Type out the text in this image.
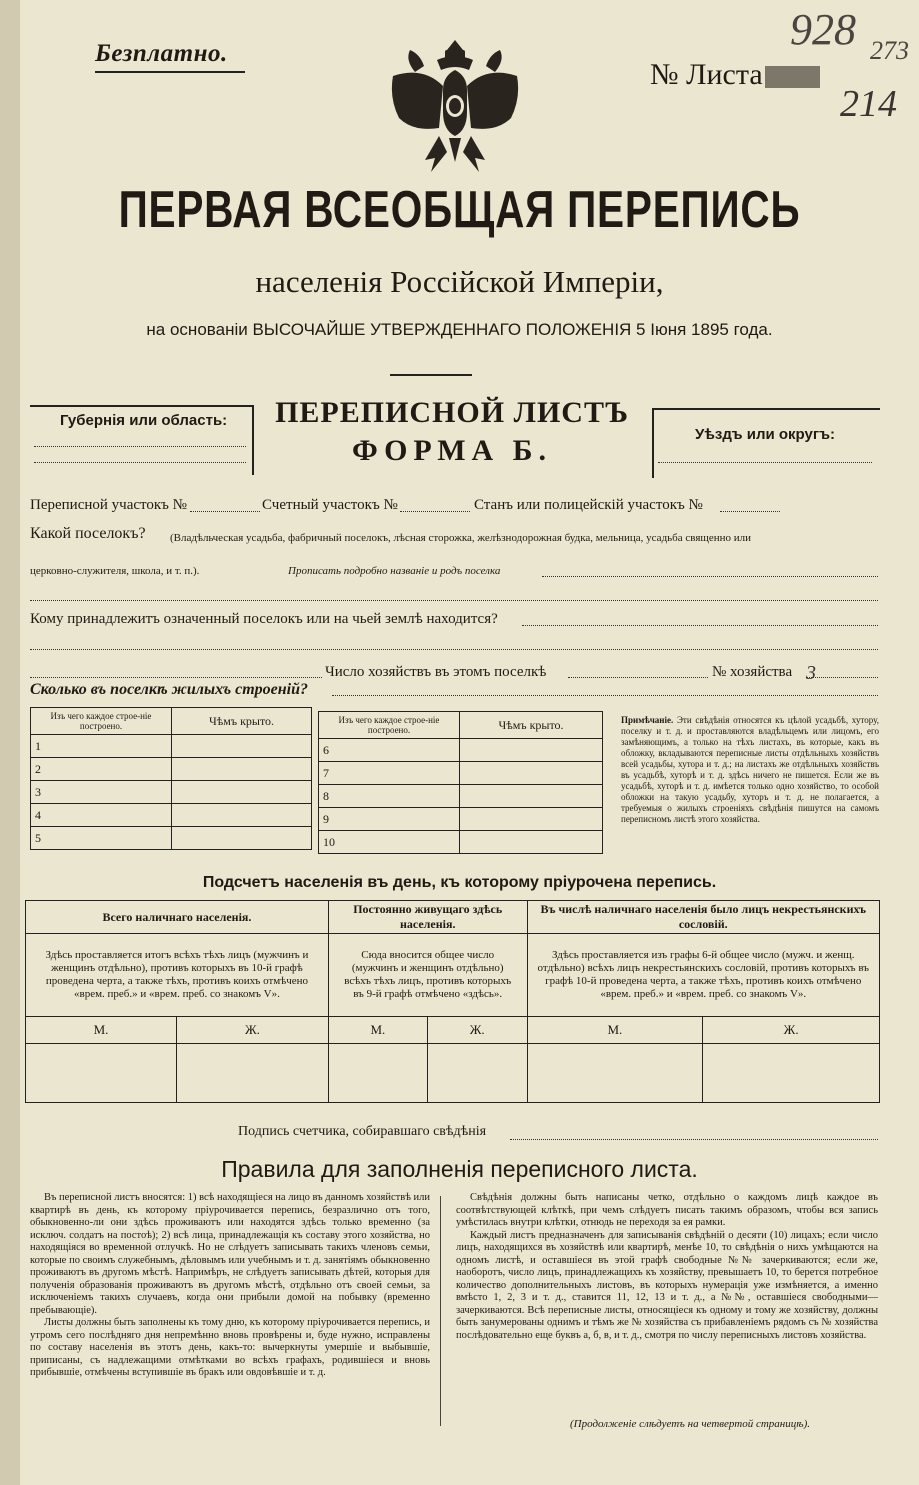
Безплатно.
№ Листа
928 273
214
ПЕРВАЯ ВСЕОБЩАЯ ПЕРЕПИСЬ
населенія Россійской Имперіи,
на основаніи ВЫСОЧАЙШЕ УТВЕРЖДЕННАГО ПОЛОЖЕНІЯ 5 Іюня 1895 года.
Губернія или область:	ПЕРЕПИСНОЙ ЛИСТЪ
ФОРМА Б.	Уѣздъ или округъ:
Переписной участокъ №	Счетный участокъ №	Станъ или полицейскій участокъ №
Какой поселокъ? (Владѣльческая усадьба, фабричный поселокъ, лѣсная сторожка, желѣзнодорожная будка, мельница, усадьба священно или
церковно-служителя, школа, и т. п.).	Прописать подробно названіе и родъ поселка
Кому принадлежитъ означенный поселокъ или на чьей землѣ находится?
Число хозяйствъ въ этомъ поселкѣ	№ хозяйства 3
Сколько въ поселкѣ жилыхъ строеній?
Изъ чего каждое строе-ніе построено.	Чѣмъ крыто.
1	
2	
3	
4	
5	
Изъ чего каждое строе-ніе построено.	Чѣмъ крыто.
6	
7	
8	
9	
10	
Примѣчаніе. Эти свѣдѣнія относятся къ цѣлой усадьбѣ, хутору, поселку и т. д. и проставляются владѣльцемъ или лицомъ, его замѣняющимъ, а только на тѣхъ листахъ, въ которые, какъ въ обложку, вкладываются переписные листы отдѣльныхъ хозяйствъ всей усадьбы, хутора и т. д.; на листахъ же отдѣльныхъ хозяйствъ въ усадьбѣ, хуторѣ и т. д. здѣсь ничего не пишется. Если же въ усадьбѣ, хуторѣ и т. д. имѣется только одно хозяйство, то особой обложки на такую усадьбу, хуторъ и т. д. не полагается, а требуемыя о жилыхъ строеніяхъ свѣдѣнія пишутся на самомъ переписномъ листѣ этого хозяйства.
Подсчетъ населенія въ день, къ которому пріурочена перепись.
Всего наличнаго населенія.		Постоянно живущаго здѣсь населенія.		Въ числѣ наличнаго населенія было лицъ некрестьянскихъ сословій.	
Здѣсь проставляется итогъ всѣхъ тѣхъ лицъ (мужчинъ и женщинъ отдѣльно), противъ которыхъ въ 10-й графѣ проведена черта, а также тѣхъ, противъ коихъ отмѣчено «врем. преб.» и «врем. преб. со знакомъ V».		Сюда вносится общее число (мужчинъ и женщинъ отдѣльно) всѣхъ тѣхъ лицъ, противъ которыхъ въ 9-й графѣ отмѣчено «здѣсь».		Здѣсь проставляется изъ графы 6-й общее число (мужч. и женщ. отдѣльно) всѣхъ лицъ некрестьянскихъ сословій, противъ которыхъ въ графѣ 10-й проведена черта, а также тѣхъ, противъ коихъ отмѣчено «врем. преб.» и «врем. преб. со знакомъ V».	
М.	Ж.	М.	Ж.	М.	Ж.

Подпись счетчика, собиравшаго свѣдѣнія
Правила для заполненія переписного листа.

Въ переписной листъ вносятся: 1) всѣ находящіеся на лицо въ данномъ хозяйствѣ или квартирѣ въ день, къ которому пріурочивается перепись, безразлично отъ того, обыкновенно-ли они здѣсь проживаютъ или находятся здѣсь только временно (за исключ. солдатъ на постоѣ); 2) всѣ лица, принадлежащія къ составу этого хозяйства, но находящіяся во временной отлучкѣ. Но не слѣдуетъ записывать такихъ членовъ семьи, которые по своимъ служебнымъ, дѣловымъ или учебнымъ и т. д. занятіямъ обыкновенно проживаютъ въ другомъ мѣстѣ. Напримѣръ, не слѣдуетъ записывать дѣтей, которыя для полученія образованія проживаютъ въ другомъ мѣстѣ, отдѣльно отъ своей семьи, за исключеніемъ такихъ случаевъ, когда они прибыли домой на побывку (временно пребывающіе).

Листы должны быть заполнены къ тому дню, къ которому пріурочивается перепись, и утромъ сего послѣдняго дня непремѣнно вновь провѣрены и, буде нужно, исправлены по составу населенія въ этотъ день, какъ-то: вычеркнуты умершіе и выбывшіе, приписаны, съ надлежащими отмѣтками во всѣхъ графахъ, родившіеся и вновь прибывшіе, отмѣчены вступившіе въ бракъ или овдовѣвшіе и т. д.

Свѣдѣнія должны быть написаны четко, отдѣльно о каждомъ лицѣ каждое въ соотвѣтствующей клѣткѣ, при чемъ слѣдуетъ писать такимъ образомъ, чтобы вся запись умѣстилась внутри клѣтки, отнюдь не переходя за ея рамки.

Каждый листъ предназначенъ для записыванія свѣдѣній о десяти (10) лицахъ; если число лицъ, находящихся въ хозяйствѣ или квартирѣ, менѣе 10, то свѣдѣнія о нихъ умѣщаются на одномъ листѣ, и оставшіеся въ этой графѣ свободные №№ зачеркиваются; если же, наоборотъ, число лицъ, принадлежащихъ къ хозяйству, превышаетъ 10, то берется потребное количество дополнительныхъ листовъ, въ которыхъ нумерація уже измѣняется, а именно вмѣсто 1, 2, 3 и т. д., ставится 11, 12, 13 и т. д., а №№, оставшіеся свободными—зачеркиваются. Всѣ переписные листы, относящіеся къ одному и тому же хозяйству, должны быть занумерованы однимъ и тѣмъ же № хозяйства съ прибавленіемъ рядомъ съ № хозяйства послѣдовательно еще буквъ а, б, в, и т. д., смотря по числу переписныхъ листовъ хозяйства.

(Продолженіе слѣдуетъ на четвертой страницѣ).
